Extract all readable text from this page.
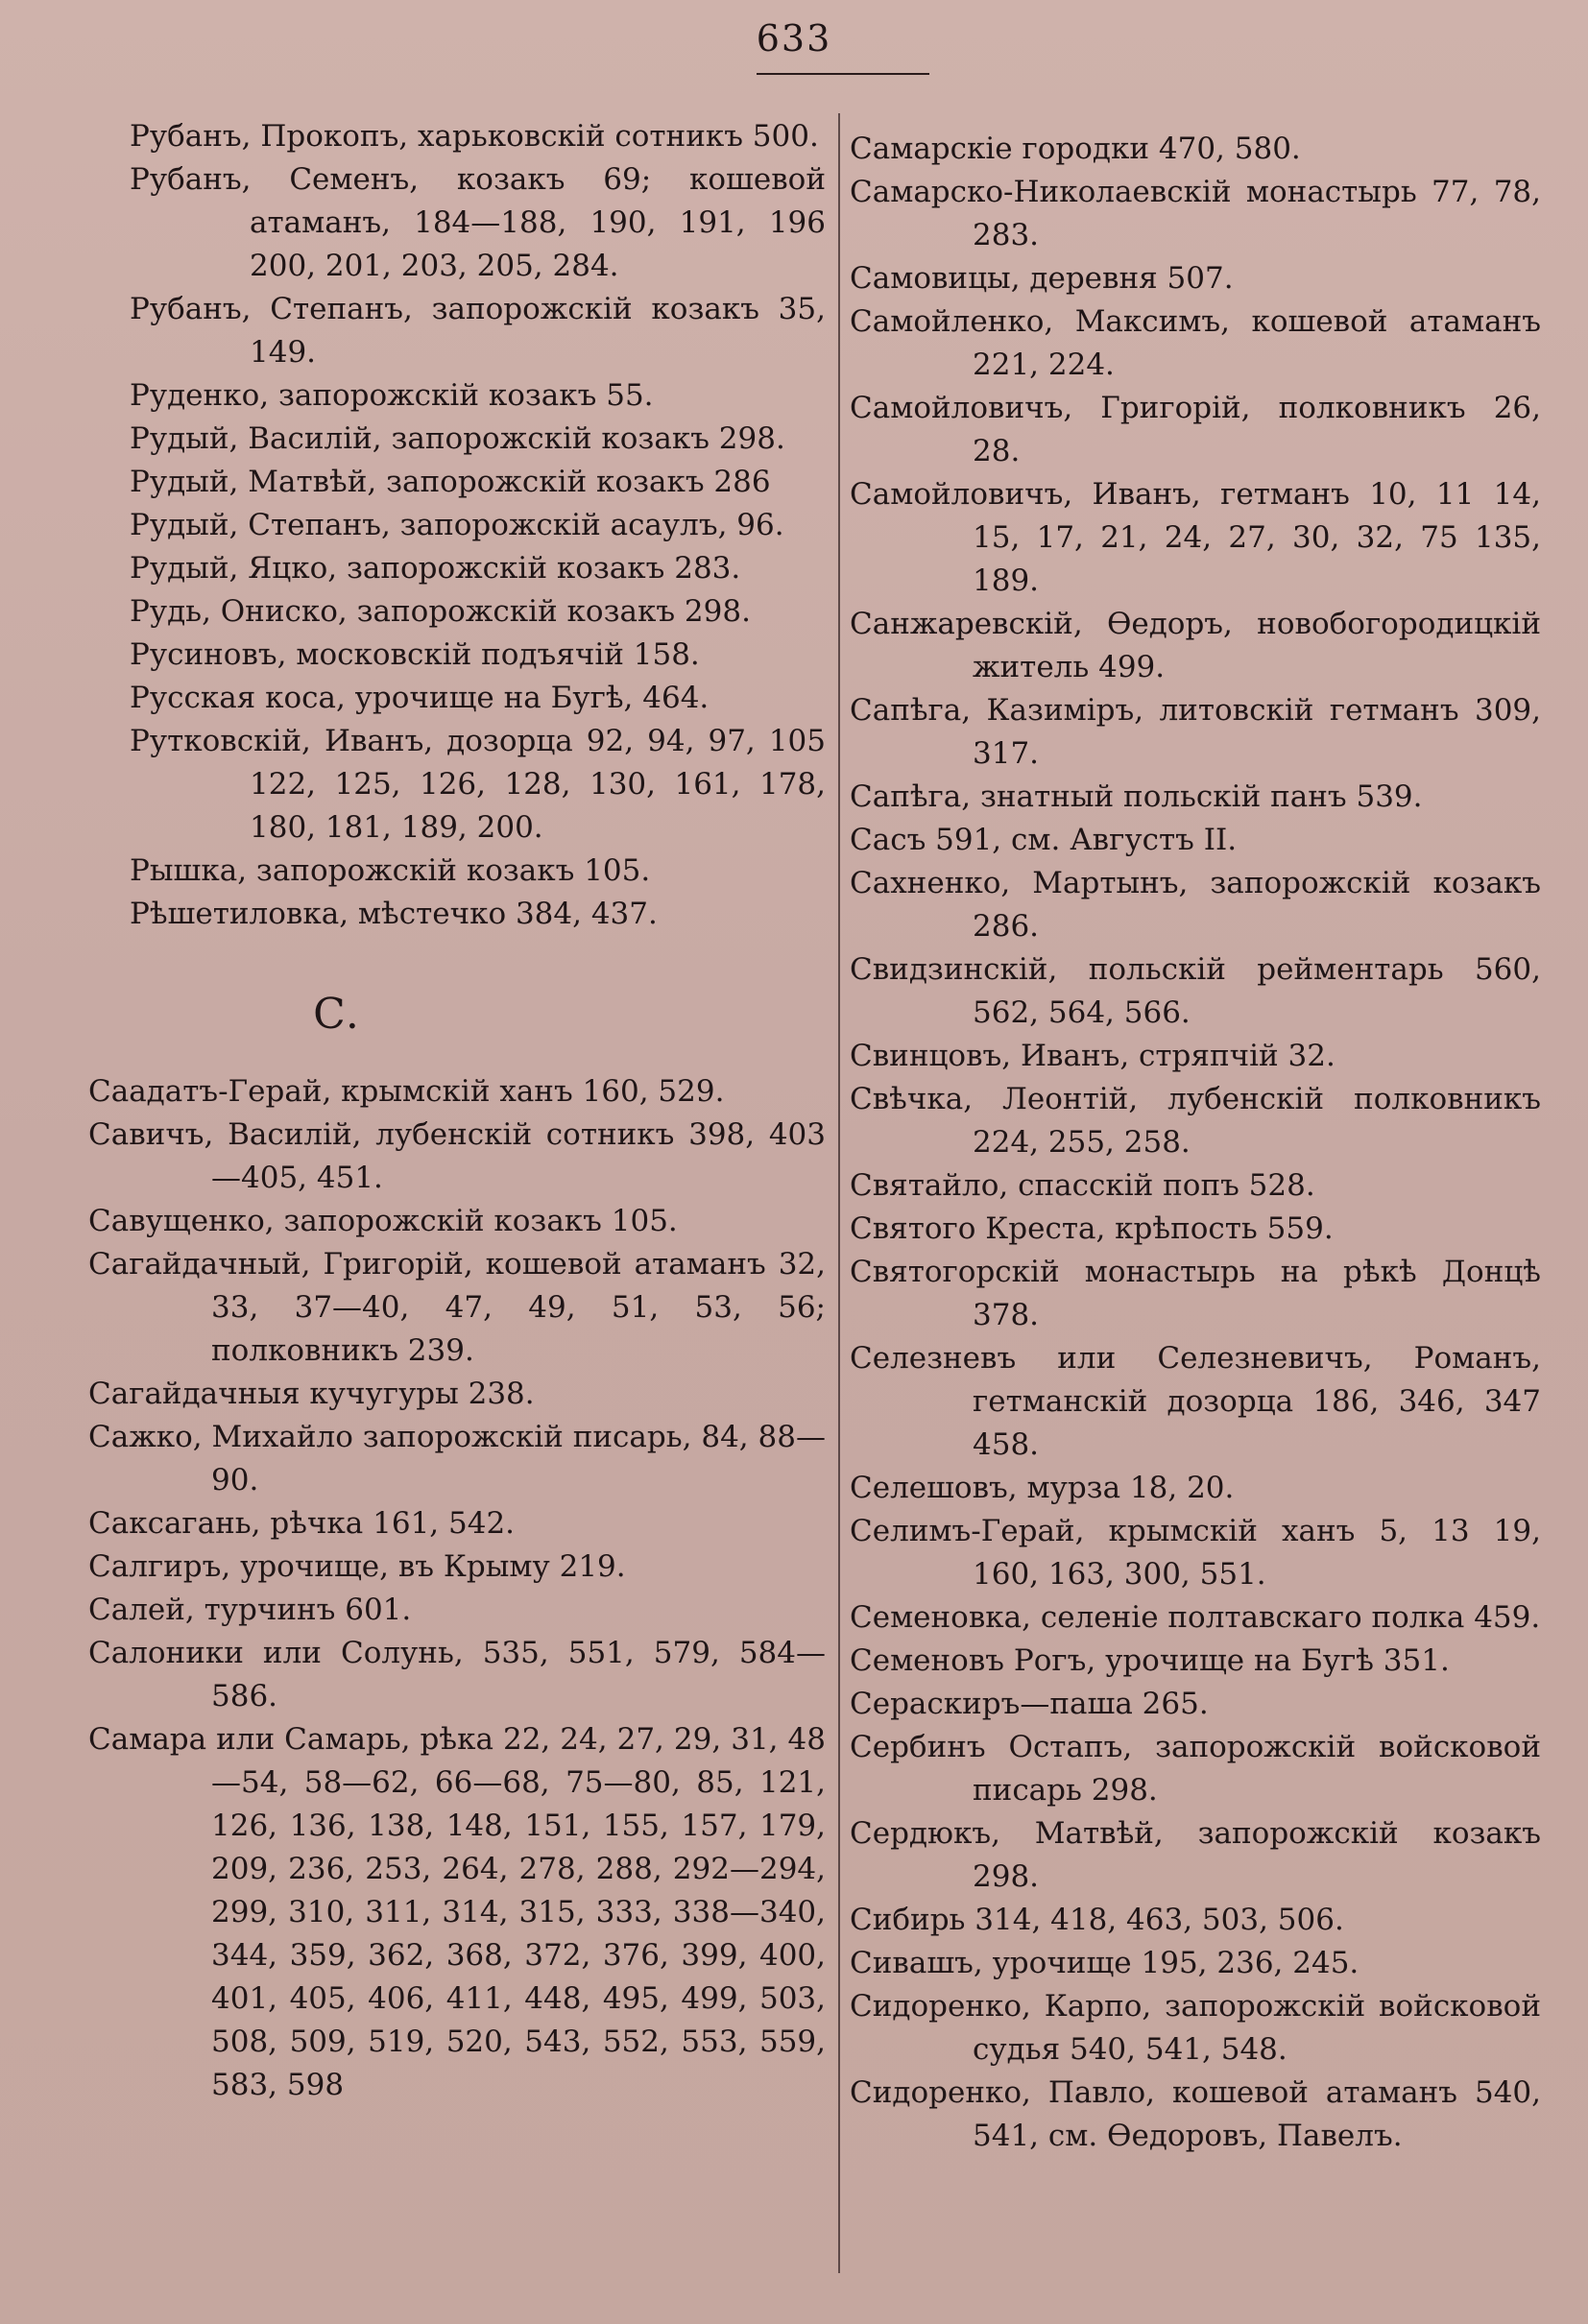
633
Рубанъ, Прокопъ, харьковскій сотникъ 500.
Рубанъ, Семенъ, козакъ 69; кошевой атаманъ, 184—188, 190, 191, 196 200, 201, 203, 205, 284.
Рубанъ, Степанъ, запорожскій козакъ 35, 149.
Руденко, запорожскій козакъ 55.
Рудый, Василій, запорожскій козакъ 298.
Рудый, Матвѣй, запорожскій козакъ 286
Рудый, Степанъ, запорожскій асаулъ, 96.
Рудый, Яцко, запорожскій козакъ 283.
Рудь, Ониско, запорожскій козакъ 298.
Русиновъ, московскій подъячій 158.
Русская коса, урочище на Бугѣ, 464.
Рутковскій, Иванъ, дозорца 92, 94, 97, 105 122, 125, 126, 128, 130, 161, 178, 180, 181, 189, 200.
Рышка, запорожскій козакъ 105.
Рѣшетиловка, мѣстечко 384, 437.
С.
Саадатъ-Герай, крымскій ханъ 160, 529.
Савичъ, Василій, лубенскій сотникъ 398, 403—405, 451.
Савущенко, запорожскій козакъ 105.
Сагайдачный, Григорій, кошевой атаманъ 32, 33, 37—40, 47, 49, 51, 53, 56; полковникъ 239.
Сагайдачныя кучугуры 238.
Сажко, Михайло запорожскій писарь, 84, 88—90.
Саксагань, рѣчка 161, 542.
Салгиръ, урочище, въ Крыму 219.
Салей, турчинъ 601.
Салоники или Солунь, 535, 551, 579, 584—586.
Самара или Самарь, рѣка 22, 24, 27, 29, 31, 48—54, 58—62, 66—68, 75—80, 85, 121, 126, 136, 138, 148, 151, 155, 157, 179, 209, 236, 253, 264, 278, 288, 292—294, 299, 310, 311, 314, 315, 333, 338—340, 344, 359, 362, 368, 372, 376, 399, 400, 401, 405, 406, 411, 448, 495, 499, 503, 508, 509, 519, 520, 543, 552, 553, 559, 583, 598
Самарскіе городки 470, 580.
Самарско-Николаевскій монастырь 77, 78, 283.
Самовицы, деревня 507.
Самойленко, Максимъ, кошевой атаманъ 221, 224.
Самойловичъ, Григорій, полковникъ 26, 28.
Самойловичъ, Иванъ, гетманъ 10, 11 14, 15, 17, 21, 24, 27, 30, 32, 75 135, 189.
Санжаревскій, Ѳедоръ, новобогородицкій житель 499.
Сапѣга, Казиміръ, литовскій гетманъ 309, 317.
Сапѣга, знатный польскій панъ 539.
Сасъ 591, см. Августъ II.
Сахненко, Мартынъ, запорожскій козакъ 286.
Свидзинскій, польскій рейментарь 560, 562, 564, 566.
Свинцовъ, Иванъ, стряпчій 32.
Свѣчка, Леонтій, лубенскій полковникъ 224, 255, 258.
Святайло, спасскій попъ 528.
Святого Креста, крѣпость 559.
Святогорскій монастырь на рѣкѣ Донцѣ 378.
Селезневъ или Селезневичъ, Романъ, гетманскій дозорца 186, 346, 347 458.
Селешовъ, мурза 18, 20.
Селимъ-Герай, крымскій ханъ 5, 13 19, 160, 163, 300, 551.
Семеновка, селеніе полтавскаго полка 459.
Семеновъ Рогъ, урочище на Бугѣ 351.
Сераскиръ—паша 265.
Сербинъ Остапъ, запорожскій войсковой писарь 298.
Сердюкъ, Матвѣй, запорожскій козакъ 298.
Сибирь 314, 418, 463, 503, 506.
Сивашъ, урочище 195, 236, 245.
Сидоренко, Карпо, запорожскій войсковой судья 540, 541, 548.
Сидоренко, Павло, кошевой атаманъ 540, 541, см. Ѳедоровъ, Павелъ.
